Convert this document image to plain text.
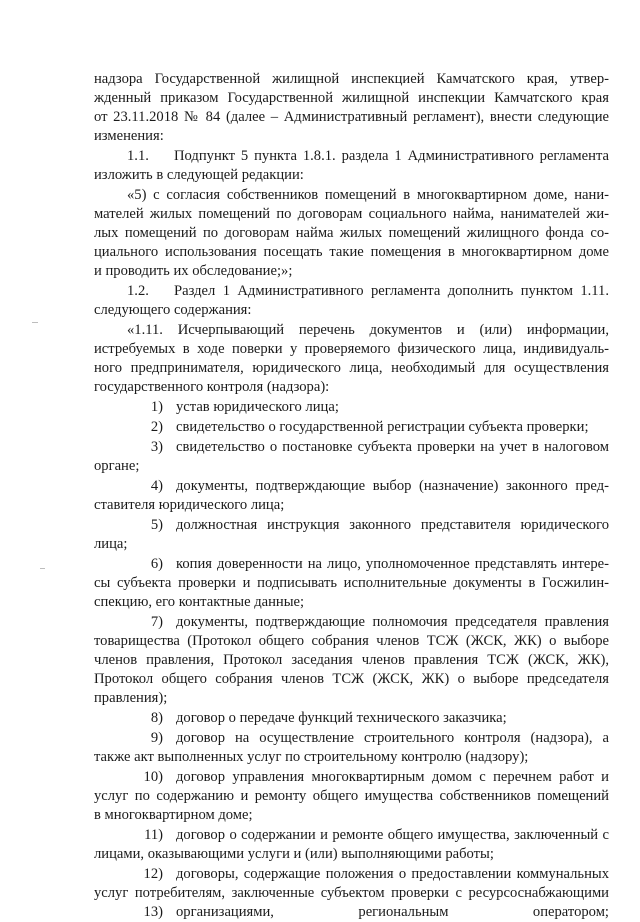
надзора Государственной жилищной инспекцией Камчатского края, утвер-
жденный приказом Государственной жилищной инспекции Камчатского края
от 23.11.2018 № 84 (далее – Административный регламент), внести следующие
изменения:
1.1.	Подпункт 5 пункта 1.8.1. раздела 1 Административного регламента
изложить в следующей редакции:
«5) с согласия собственников помещений в многоквартирном доме, нани-
мателей жилых помещений по договорам социального найма, нанимателей жи-
лых помещений по договорам найма жилых помещений жилищного фонда со-
циального использования посещать такие помещения в многоквартирном доме
и проводить их обследование;»;
1.2.	Раздел 1 Административного регламента дополнить пунктом 1.11.
следующего содержания:
«1.11. Исчерпывающий перечень документов и (или) информации,
истребуемых в ходе поверки у проверяемого физического лица, индивидуаль-
ного предпринимателя, юридического лица, необходимый для осуществления
государственного контроля (надзора):
1) устав юридического лица;
2) свидетельство о государственной регистрации субъекта проверки;
3) свидетельство о постановке субъекта проверки на учет в налоговом
органе;
4) документы, подтверждающие выбор (назначение) законного пред-
ставителя юридического лица;
5) должностная инструкция законного представителя юридического
лица;
6) копия доверенности на лицо, уполномоченное представлять интере-
сы субъекта проверки и подписывать исполнительные документы в Госжилин-
спекцию, его контактные данные;
7) документы, подтверждающие полномочия председателя правления
товарищества (Протокол общего собрания членов ТСЖ (ЖСК, ЖК) о выборе
членов правления, Протокол заседания членов правления ТСЖ (ЖСК, ЖК),
Протокол общего собрания членов ТСЖ (ЖСК, ЖК) о выборе председателя
правления);
8) договор о передаче функций технического заказчика;
9) договор на осуществление строительного контроля (надзора), а
также акт выполненных услуг по строительному контролю (надзору);
10) договор управления многоквартирным домом с перечнем работ и
услуг по содержанию и ремонту общего имущества собственников помещений
в многоквартирном доме;
11) договор о содержании и ремонте общего имущества, заключенный с
лицами, оказывающими услуги и (или) выполняющими работы;
12) договоры, содержащие положения о предоставлении коммунальных
услуг потребителям, заключенные субъектом проверки с ресурсоснабжающими
13) организациями, региональным оператором;
